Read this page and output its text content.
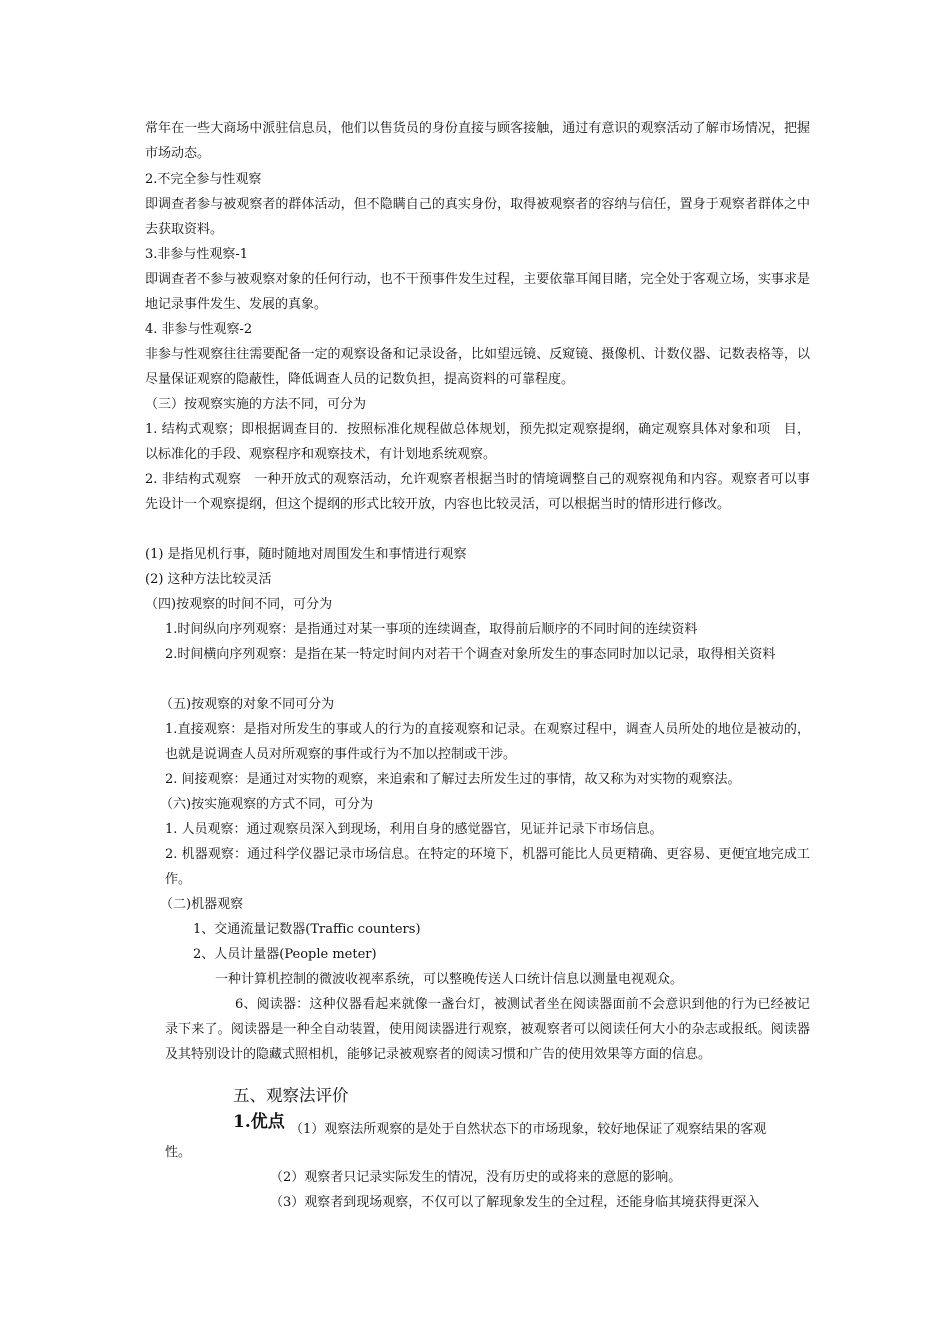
常年在一些大商场中派驻信息员，他们以售货员的身份直接与顾客接触，通过有意识的观察活动了解市场情况，把握市场动态。

2.不完全参与性观察

即调查者参与被观察者的群体活动，但不隐瞒自己的真实身份，取得被观察者的容纳与信任，置身于观察者群体之中去获取资料。

3.非参与性观察-1

即调查者不参与被观察对象的任何行动，也不干预事件发生过程，主要依靠耳闻目睹，完全处于客观立场，实事求是地记录事件发生、发展的真象。

4. 非参与性观察-2

非参与性观察往往需要配备一定的观察设备和记录设备，比如望远镜、反窥镜、摄像机、计数仪器、记数表格等，以尽量保证观察的隐蔽性，降低调查人员的记数负担，提高资料的可靠程度。

（三）按观察实施的方法不同，可分为

1. 结构式观察；即根据调查目的．按照标准化规程做总体规划，预先拟定观察提纲，确定观察具体对象和项　目，以标准化的手段、观察程序和观察技术，有计划地系统观察。

2. 非结构式观察　一种开放式的观察活动，允许观察者根据当时的情境调整自己的观察视角和内容。观察者可以事先设计一个观察提纲，但这个提纲的形式比较开放，内容也比较灵活，可以根据当时的情形进行修改。

(1) 是指见机行事，随时随地对周围发生和事情进行观察

(2) 这种方法比较灵活

（四)按观察的时间不同，可分为

1.时间纵向序列观察：是指通过对某一事项的连续调查，取得前后顺序的不同时间的连续资料

2.时间横向序列观察：是指在某一特定时间内对若干个调查对象所发生的事态同时加以记录，取得相关资料

（五)按观察的对象不同可分为

1.直接观察：是指对所发生的事或人的行为的直接观察和记录。在观察过程中，调查人员所处的地位是被动的，也就是说调查人员对所观察的事件或行为不加以控制或干涉。

2. 间接观察：是通过对实物的观察，来追索和了解过去所发生过的事情，故又称为对实物的观察法。

（六)按实施观察的方式不同，可分为

1. 人员观察：通过观察员深入到现场，利用自身的感觉器官，见证并记录下市场信息。

2. 机器观察：通过科学仪器记录市场信息。在特定的环境下，机器可能比人员更精确、更容易、更便宜地完成工作。

（二)机器观察

1、交通流量记数器(Traffic counters)

2、人员计量器(People meter)

一种计算机控制的微波收视率系统，可以整晚传送人口统计信息以测量电视观众。

6、阅读器：这种仪器看起来就像一盏台灯，被测试者坐在阅读器面前不会意识到他的行为已经被记录下来了。阅读器是一种全自动装置，使用阅读器进行观察，被观察者可以阅读任何大小的杂志或报纸。阅读器及其特别设计的隐藏式照相机，能够记录被观察者的阅读习惯和广告的使用效果等方面的信息。

五、观察法评价

1.优点 （1）观察法所观察的是处于自然状态下的市场现象，较好地保证了观察结果的客观

性。

（2）观察者只记录实际发生的情况，没有历史的或将来的意愿的影响。

（3）观察者到现场观察，不仅可以了解现象发生的全过程，还能身临其境获得更深入
